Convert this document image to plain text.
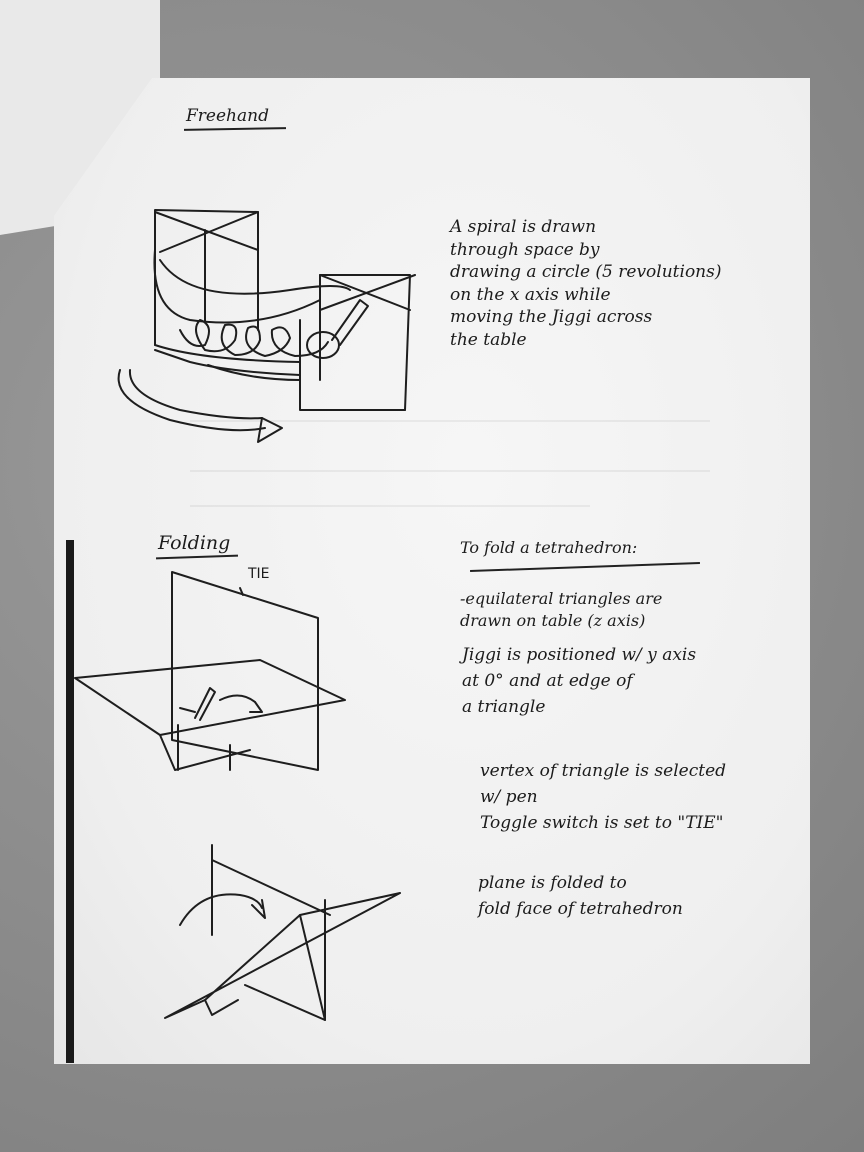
Freehand

A spiral is drawn
through space by
drawing a circle (5 revolutions)
on the x axis while
moving the Jiggi across
the table

Folding	To fold a tetrahedron:

-equilateral triangles are
drawn on table (z axis)
Jiggi is positioned w/ y axis
at 0° and at edge of
a triangle
vertex of triangle is selected
w/ pen
Toggle switch is set to "TIE"
plane is folded to
fold face of tetrahedron

TIE
